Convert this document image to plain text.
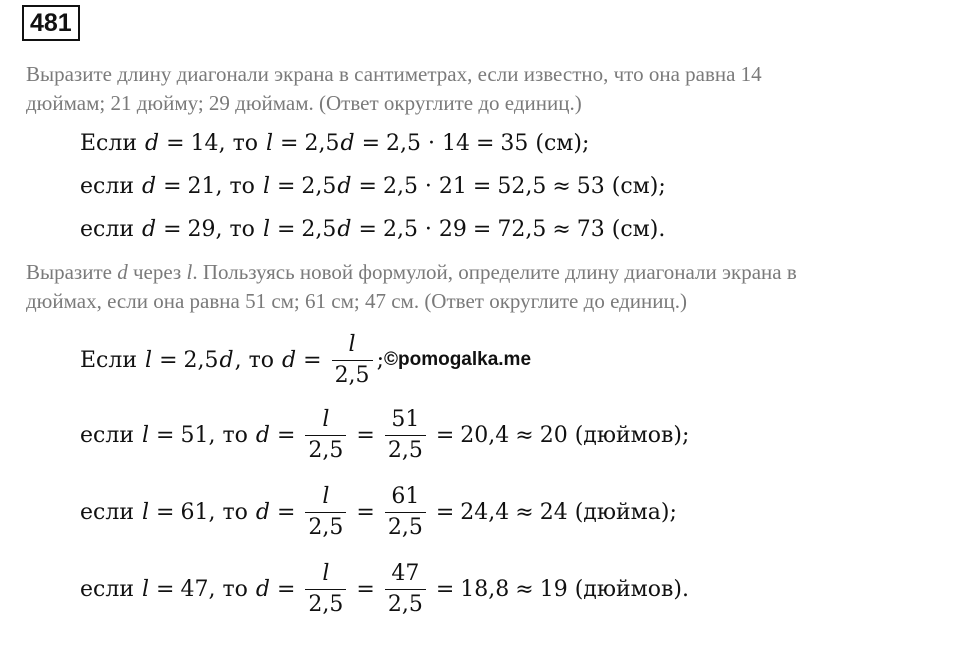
481
Выразите длину диагонали экрана в сантиметрах, если известно, что она равна 14
дюймам; 21 дюйму; 29 дюймам. (Ответ округлите до единиц.)
Если d = 14 , то l = 2,5 d = 2,5 · 14 = 35 (см);
если d = 21 , то l = 2,5 d = 2,5 · 21 = 52,5 ≈ 53 (см);
если d = 29 , то l = 2,5 d = 2,5 · 29 = 72,5 ≈ 73 (см).
Выразите d через l. Пользуясь новой формулой, определите длину диагонали экрана в
дюймах, если она равна 51 см; 61 см; 47 см. (Ответ округлите до единиц.)
Если l = 2,5 d , то $d = \frac{l}{2,5}$ ; ©pomogalka.me
если l = 51 , то $d = \frac{l}{2,5} = \frac{51}{2,5} = 20,4 \approx 20$ (дюймов);
если l = 61 , то $d = \frac{l}{2,5} = \frac{61}{2,5} = 24,4 \approx 24$ (дюйма);
если l = 47 , то $d = \frac{l}{2,5} = \frac{47}{2,5} = 18,8 \approx 19$ (дюймов).
